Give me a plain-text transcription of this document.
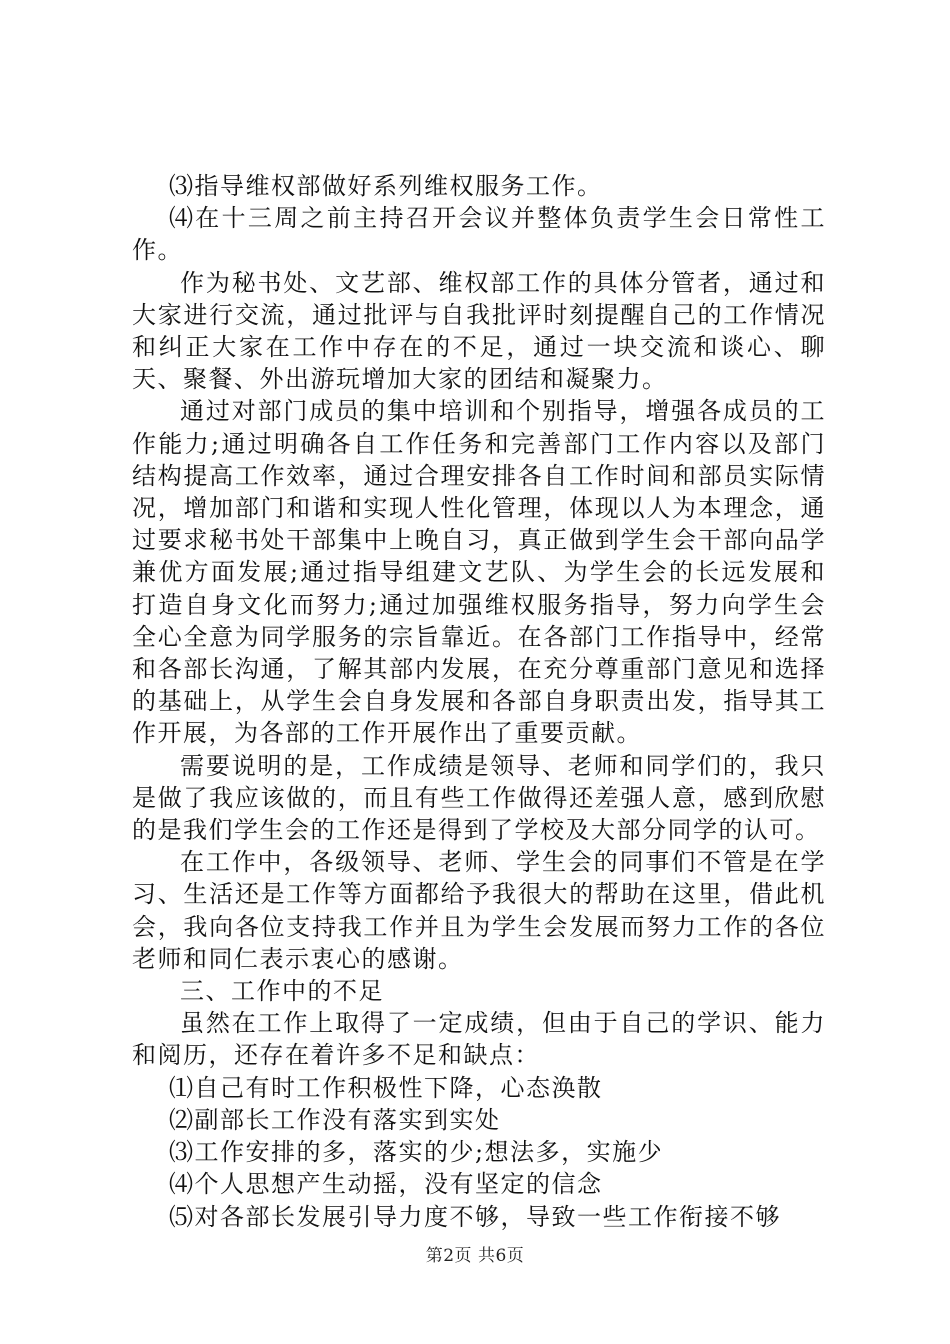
⑶指导维权部做好系列维权服务工作。

⑷在十三周之前主持召开会议并整体负责学生会日常性工作。

作为秘书处、文艺部、维权部工作的具体分管者，通过和大家进行交流，通过批评与自我批评时刻提醒自己的工作情况和纠正大家在工作中存在的不足，通过一块交流和谈心、聊天、聚餐、外出游玩增加大家的团结和凝聚力。

通过对部门成员的集中培训和个别指导，增强各成员的工作能力;通过明确各自工作任务和完善部门工作内容以及部门结构提高工作效率，通过合理安排各自工作时间和部员实际情况，增加部门和谐和实现人性化管理，体现以人为本理念，通过要求秘书处干部集中上晚自习，真正做到学生会干部向品学兼优方面发展;通过指导组建文艺队、为学生会的长远发展和打造自身文化而努力;通过加强维权服务指导，努力向学生会全心全意为同学服务的宗旨靠近。在各部门工作指导中，经常和各部长沟通，了解其部内发展，在充分尊重部门意见和选择的基础上，从学生会自身发展和各部自身职责出发，指导其工作开展，为各部的工作开展作出了重要贡献。

需要说明的是，工作成绩是领导、老师和同学们的，我只是做了我应该做的，而且有些工作做得还差强人意，感到欣慰的是我们学生会的工作还是得到了学校及大部分同学的认可。

在工作中，各级领导、老师、学生会的同事们不管是在学习、生活还是工作等方面都给予我很大的帮助在这里，借此机会，我向各位支持我工作并且为学生会发展而努力工作的各位老师和同仁表示衷心的感谢。

三、工作中的不足

虽然在工作上取得了一定成绩，但由于自己的学识、能力和阅历，还存在着许多不足和缺点：

⑴自己有时工作积极性下降，心态涣散

⑵副部长工作没有落实到实处

⑶工作安排的多，落实的少;想法多，实施少

⑷个人思想产生动摇，没有坚定的信念

⑸对各部长发展引导力度不够，导致一些工作衔接不够

第2页 共6页
